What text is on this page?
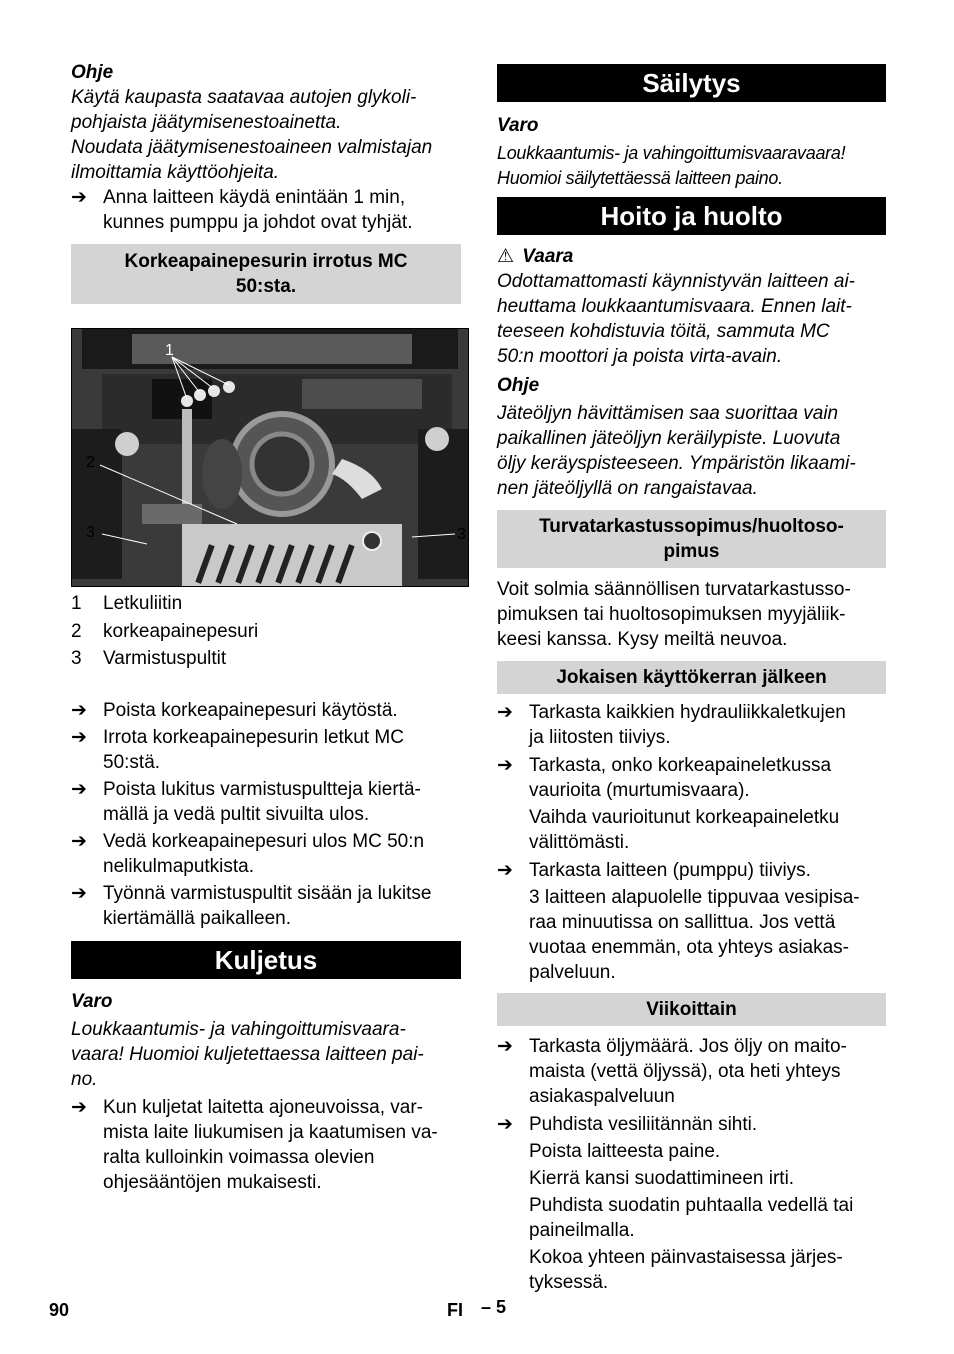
Ohje

Käytä kaupasta saatavaa autojen glykoli-
pohjaista jäätymisenestoainetta.
Noudata jäätymisenestoaineen valmistajan
ilmoittamia käyttöohjeita.

➔ Anna laitteen käydä enintään 1 min,
kunnes pumppu ja johdot ovat tyhjät.
Korkeapainepesurin irrotus MC
50:sta.
1
2
3	3
1	Letkuliitin
2	korkeapainepesuri
3	Varmistuspultit
➔ Poista korkeapainepesuri käytöstä.
➔ Irrota korkeapainepesurin letkut MC
50:stä.
➔ Poista lukitus varmistuspultteja kiertä-
mällä ja vedä pultit sivuilta ulos.
➔ Vedä korkeapainepesuri ulos MC 50:n
nelikulmaputkista.
➔ Työnnä varmistuspultit sisään ja lukitse
kiertämällä paikalleen.
Kuljetus

Varo

Loukkaantumis- ja vahingoittumisvaara-
vaara! Huomioi kuljetettaessa laitteen pai-
no.

➔ Kun kuljetat laitetta ajoneuvoissa, var-
mista laite liukumisen ja kaatumisen va-
ralta kulloinkin voimassa olevien
ohjesääntöjen mukaisesti.
Säilytys

Varo

Loukkaantumis- ja vahingoittumisvaaravaara!
Huomioi säilytettäessä laitteen paino.

Hoito ja huolto

⚠ Vaara

Odottamattomasti käynnistyvän laitteen ai-
heuttama loukkaantumisvaara. Ennen lait-
teeseen kohdistuvia töitä, sammuta MC
50:n moottori ja poista virta-avain.

Ohje

Jäteöljyn hävittämisen saa suorittaa vain
paikallinen jäteöljyn keräilypiste. Luovuta
öljy keräyspisteeseen. Ympäristön likaami-
nen jäteöljyllä on rangaistavaa.

Turvatarkastussopimus/huoltoso-
pimus

Voit solmia säännöllisen turvatarkastusso-
pimuksen tai huoltosopimuksen myyjäliik-
keesi kanssa. Kysy meiltä neuvoa.

Jokaisen käyttökerran jälkeen
➔ Tarkasta kaikkien hydrauliikkaletkujen
ja liitosten tiiviys.
➔ Tarkasta, onko korkeapaineletkussa
vaurioita (murtumisvaara).

Vaihda vaurioitunut korkeapaineletku
välittömästi.

➔ Tarkasta laitteen (pumppu) tiiviys.

3 laitteen alapuolelle tippuvaa vesipisa-
raa minuutissa on sallittua. Jos vettä
vuotaa enemmän, ota yhteys asiakas-
palveluun.

Viikoittain
➔ Tarkasta öljymäärä. Jos öljy on maito-
maista (vettä öljyssä), ota heti yhteys
asiakaspalveluun
➔ Puhdista vesiliitännän sihti.

Poista laitteesta paine.

Kierrä kansi suodattimineen irti.

Puhdista suodatin puhtaalla vedellä tai
paineilmalla.

Kokoa yhteen päinvastaisessa järjes-
tyksessä.

90	FI – 5
